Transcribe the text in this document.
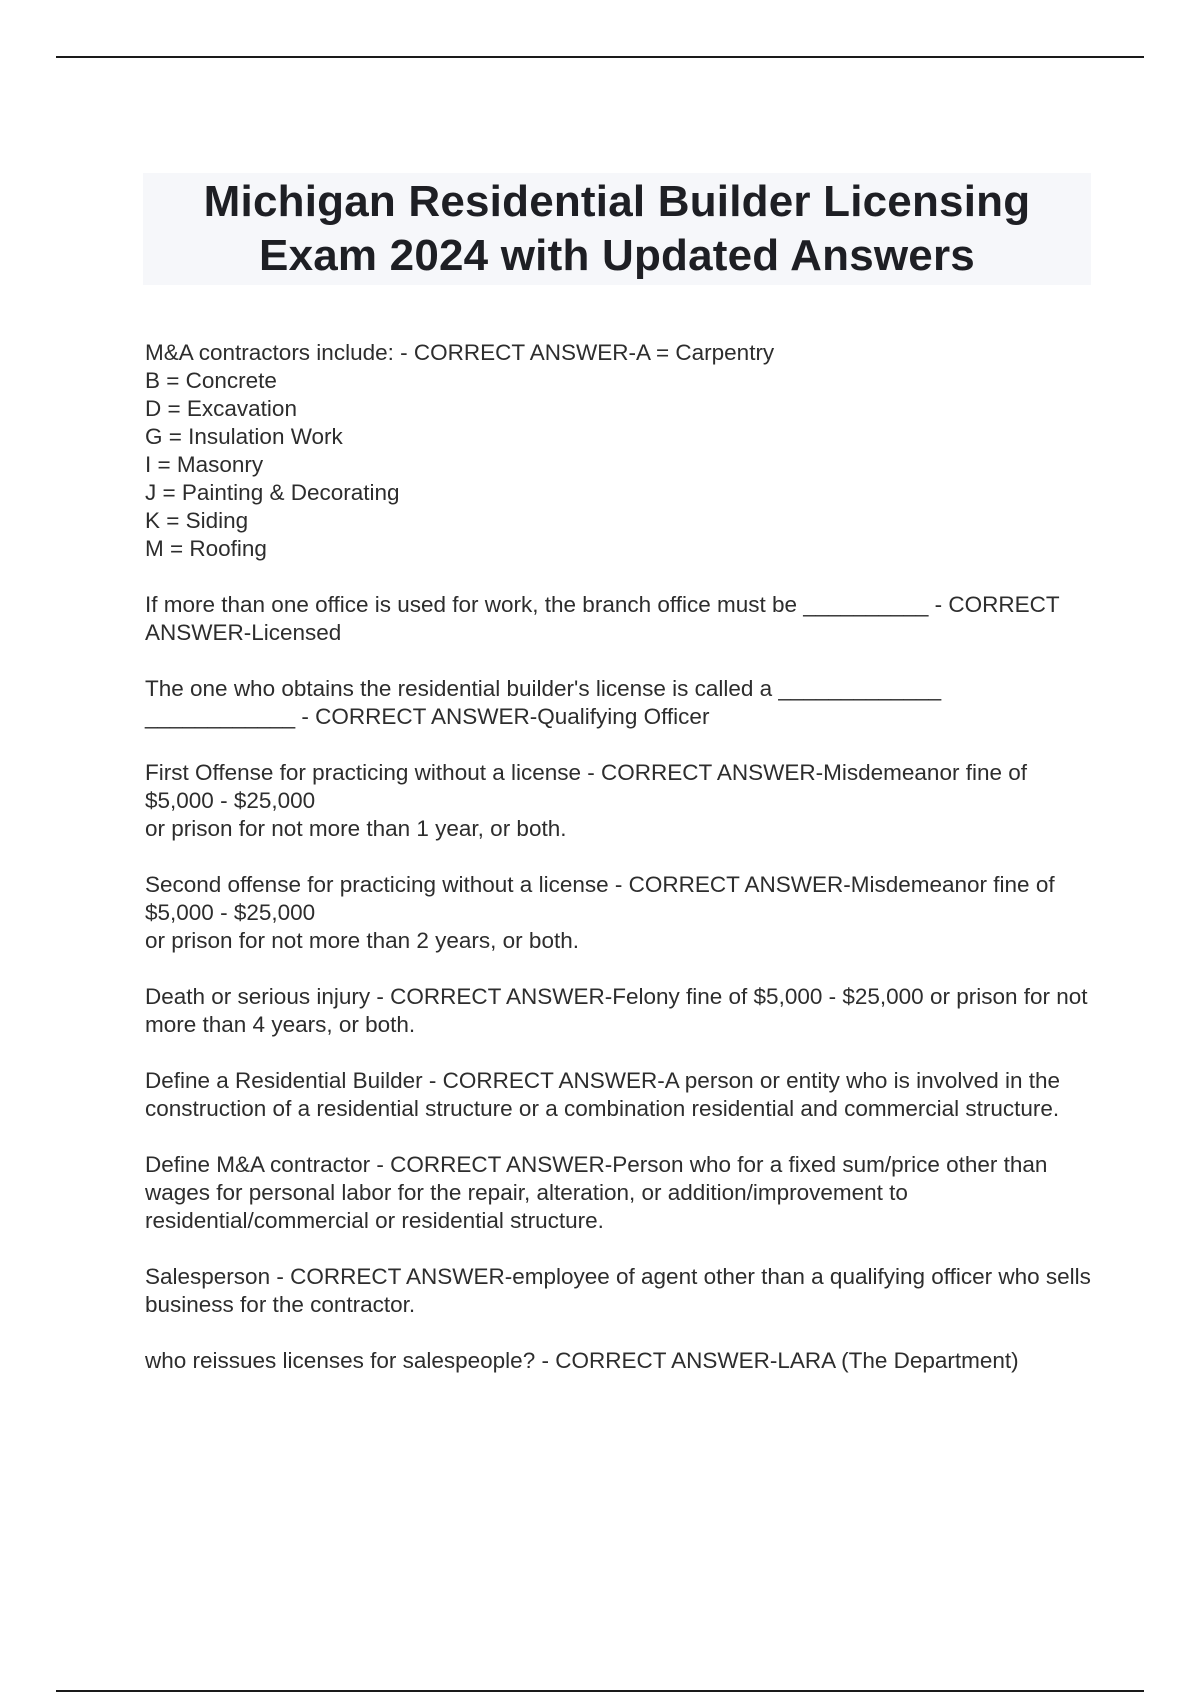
Michigan Residential Builder Licensing Exam 2024 with Updated Answers

M&A contractors include: - CORRECT ANSWER-A = Carpentry
B = Concrete
D = Excavation
G = Insulation Work
I = Masonry
J = Painting & Decorating
K = Siding
M = Roofing

If more than one office is used for work, the branch office must be __________ - CORRECT ANSWER-Licensed

The one who obtains the residential builder's license is called a _____________ ____________ - CORRECT ANSWER-Qualifying Officer

First Offense for practicing without a license - CORRECT ANSWER-Misdemeanor fine of $5,000 - $25,000
or prison for not more than 1 year, or both.

Second offense for practicing without a license - CORRECT ANSWER-Misdemeanor fine of $5,000 - $25,000
or prison for not more than 2 years, or both.

Death or serious injury - CORRECT ANSWER-Felony fine of $5,000 - $25,000 or prison for not more than 4 years, or both.

Define a Residential Builder - CORRECT ANSWER-A person or entity who is involved in the construction of a residential structure or a combination residential and commercial structure.

Define M&A contractor - CORRECT ANSWER-Person who for a fixed sum/price other than wages for personal labor for the repair, alteration, or addition/improvement to residential/commercial or residential structure.

Salesperson - CORRECT ANSWER-employee of agent other than a qualifying officer who sells business for the contractor.

who reissues licenses for salespeople? - CORRECT ANSWER-LARA (The Department)
